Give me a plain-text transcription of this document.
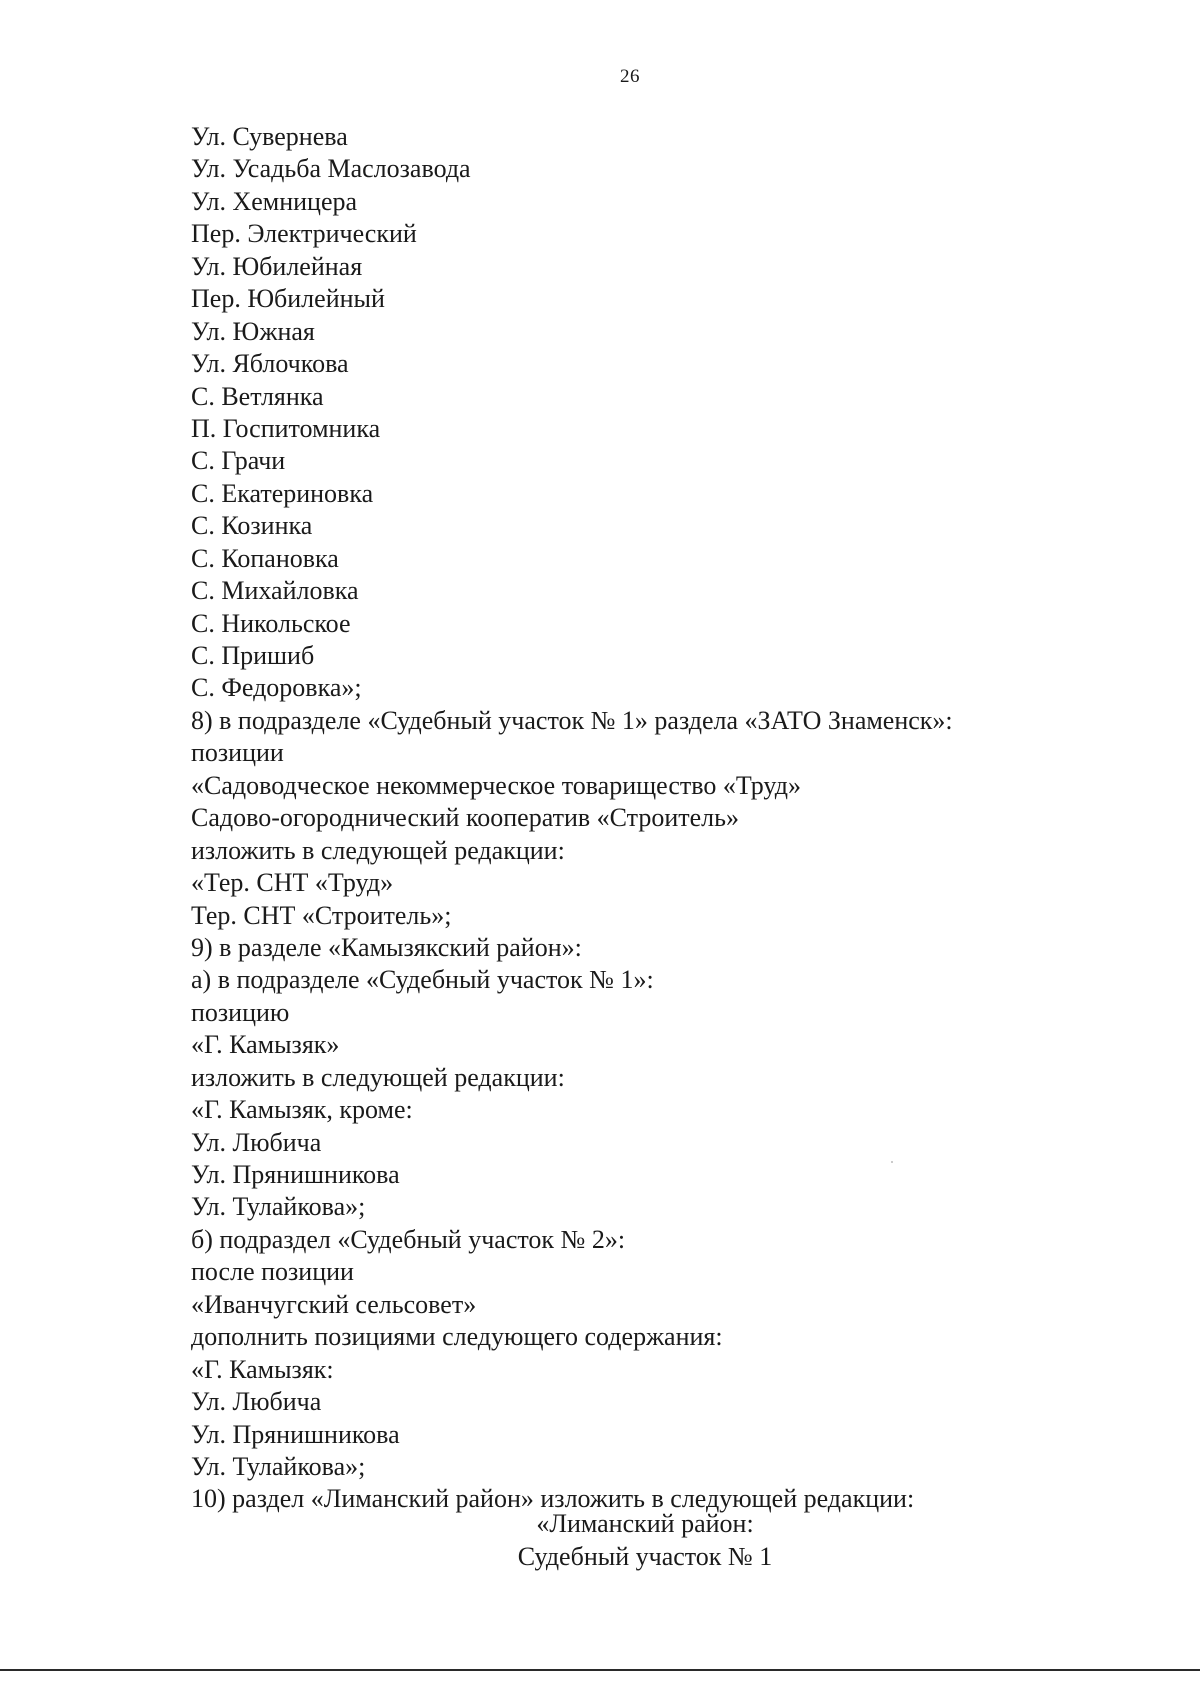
26
Ул. Сувернева
Ул. Усадьба Маслозавода
Ул. Хемницера
Пер. Электрический
Ул. Юбилейная
Пер. Юбилейный
Ул. Южная
Ул. Яблочкова
С. Ветлянка
П. Госпитомника
С. Грачи
С. Екатериновка
С. Козинка
С. Копановка
С. Михайловка
С. Никольское
С. Пришиб
С. Федоровка»;
8) в подразделе «Судебный участок № 1» раздела «ЗАТО Знаменск»:
позиции
«Садоводческое некоммерческое товарищество «Труд»
Садово-огороднический кооператив «Строитель»
изложить в следующей редакции:
«Тер. СНТ «Труд»
Тер. СНТ «Строитель»;
9) в разделе «Камызякский район»:
а) в подразделе «Судебный участок № 1»:
позицию
«Г. Камызяк»
изложить в следующей редакции:
«Г. Камызяк, кроме:
Ул. Любича
Ул. Прянишникова
Ул. Тулайкова»;
б) подраздел «Судебный участок № 2»:
после позиции
«Иванчугский сельсовет»
дополнить позициями следующего содержания:
«Г. Камызяк:
Ул. Любича
Ул. Прянишникова
Ул. Тулайкова»;
10) раздел «Лиманский район» изложить в следующей редакции:
«Лиманский район:
Судебный участок № 1
